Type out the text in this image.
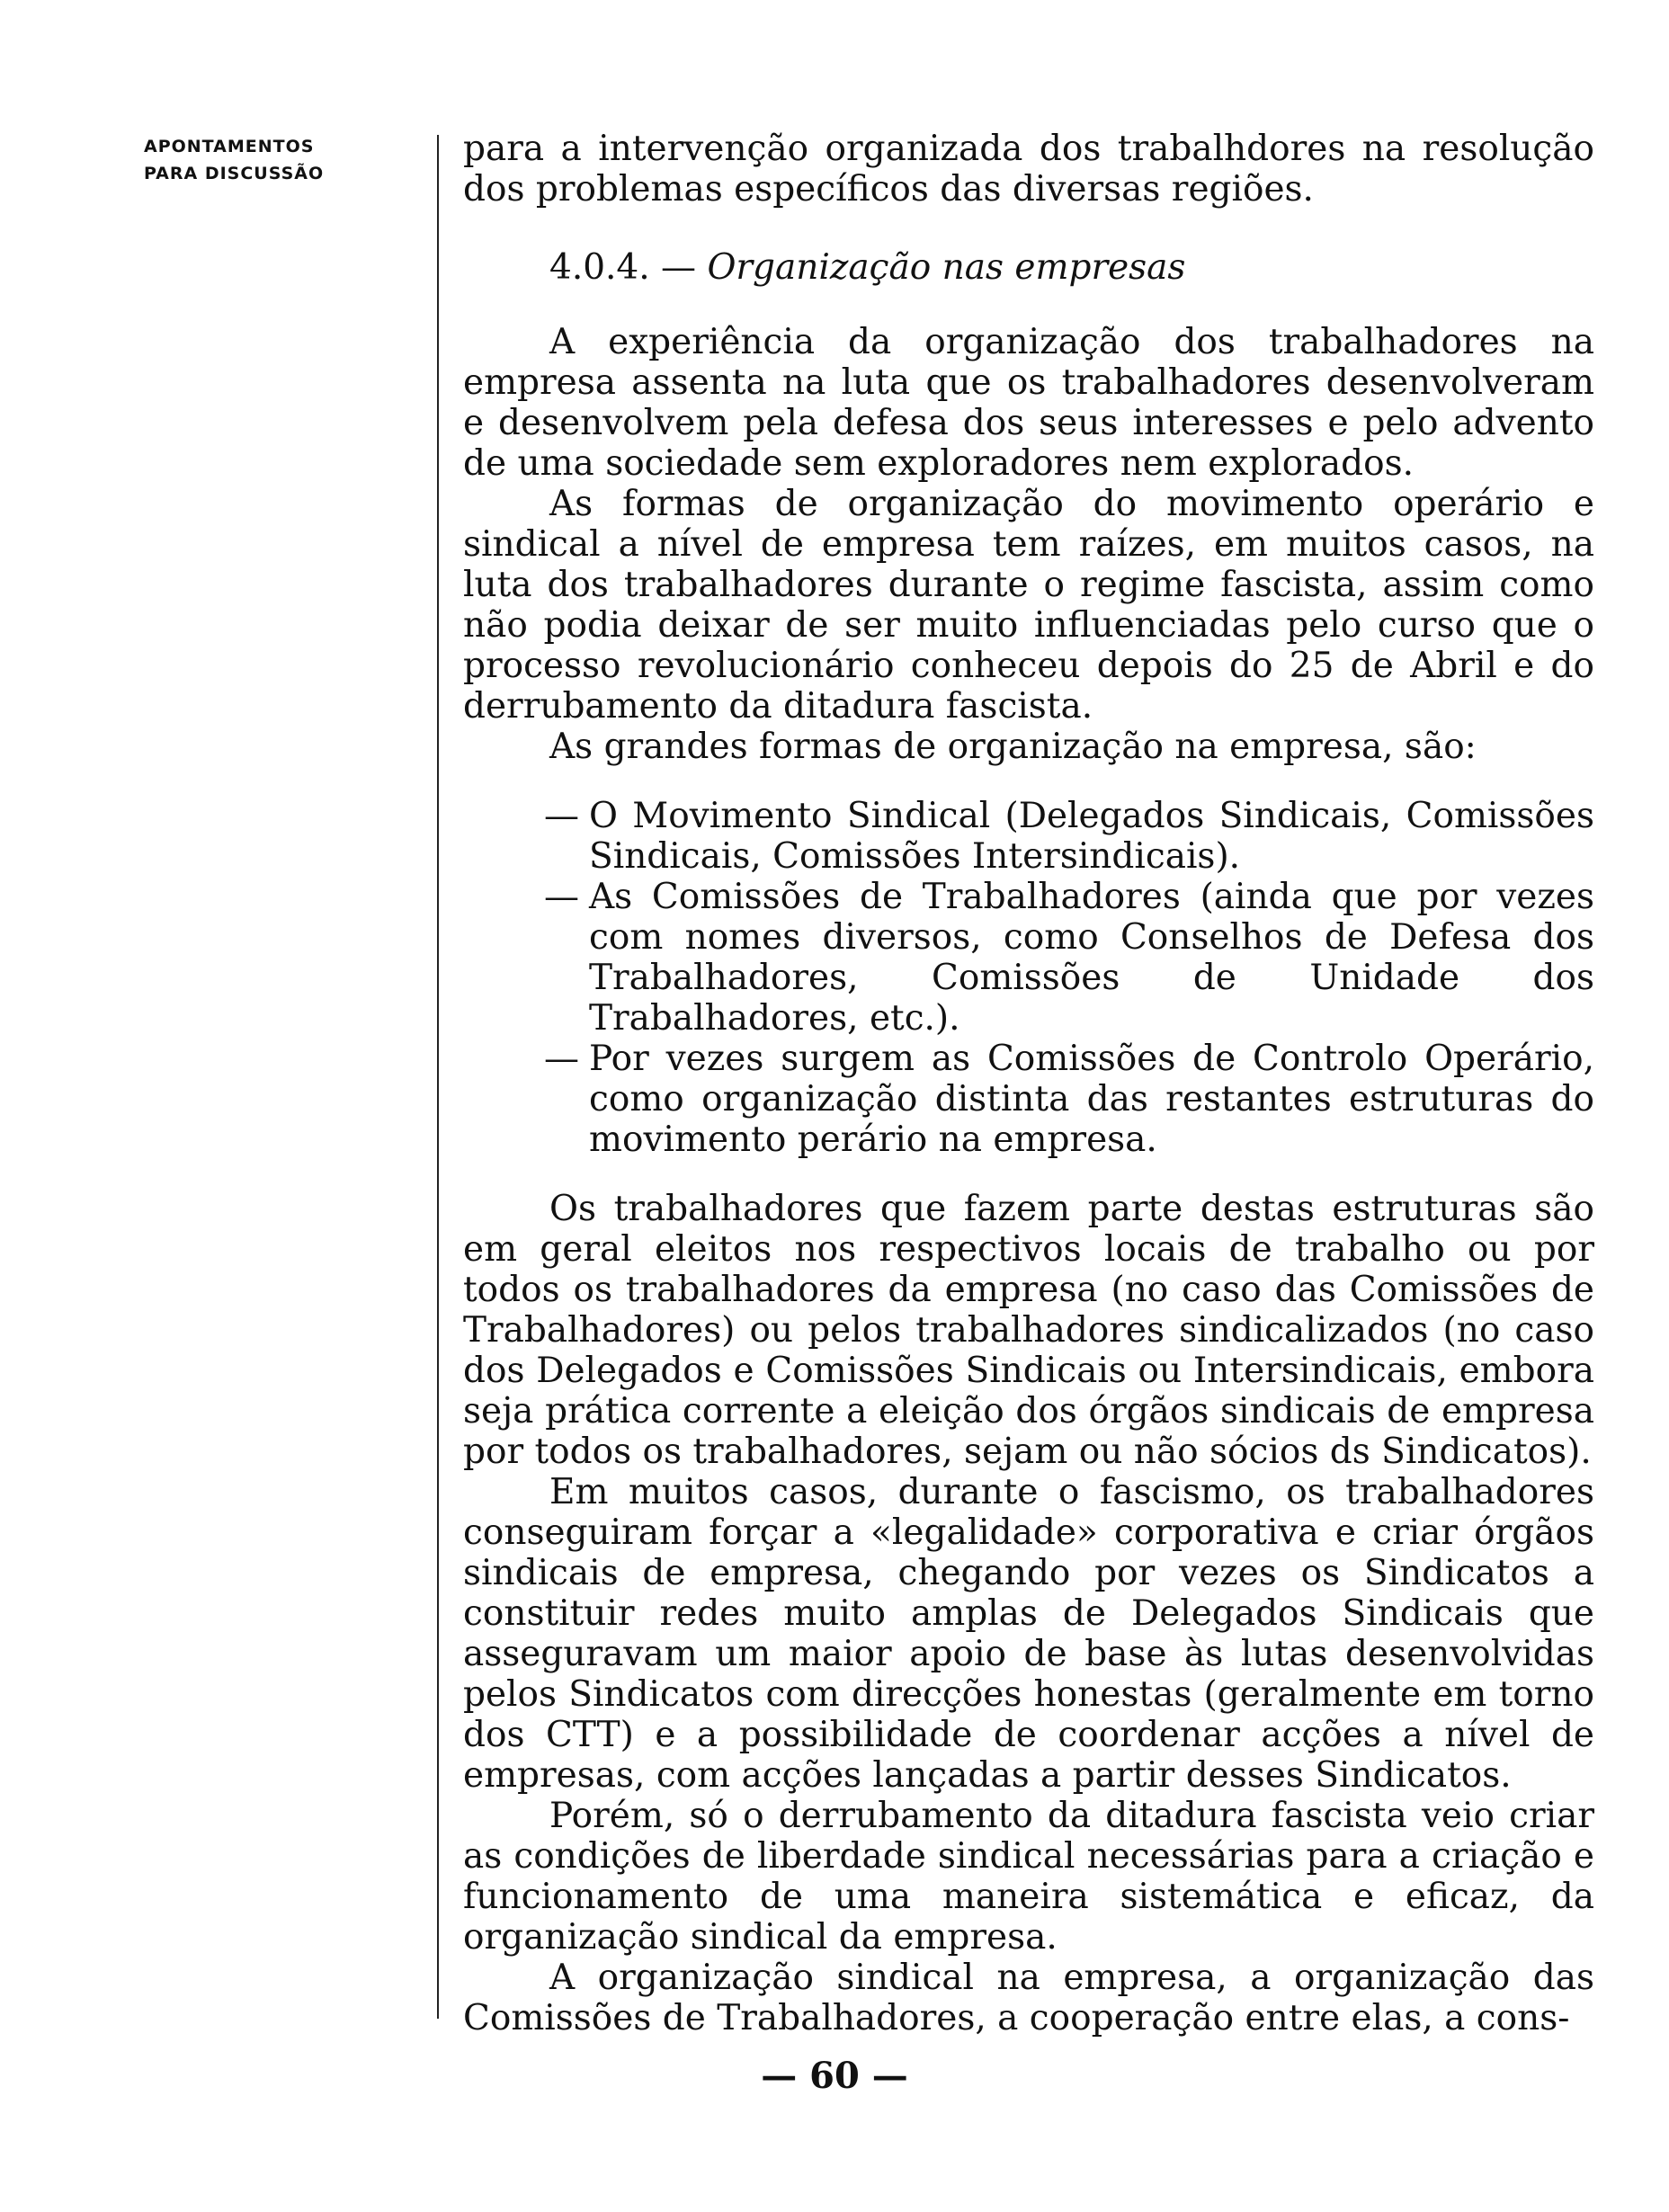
APONTAMENTOS
PARA DISCUSSÃO

para a intervenção organizada dos trabalhdores na resolução dos problemas específicos das diversas regiões.

4.0.4. — Organização nas empresas

A experiência da organização dos trabalhadores na empresa assenta na luta que os trabalhadores desenvolveram e desenvolvem pela defesa dos seus interesses e pelo advento de uma sociedade sem exploradores nem explorados.

As formas de organização do movimento operário e sindical a nível de empresa tem raízes, em muitos casos, na luta dos trabalhadores durante o regime fascista, assim como não podia deixar de ser muito influenciadas pelo curso que o processo revolucionário conheceu depois do 25 de Abril e do derrubamento da ditadura fascista.

As grandes formas de organização na empresa, são:

— O Movimento Sindical (Delegados Sindicais, Comissões Sindicais, Comissões Intersindicais).
— As Comissões de Trabalhadores (ainda que por vezes com nomes diversos, como Conselhos de Defesa dos Trabalhadores, Comissões de Unidade dos Trabalhadores, etc.).
— Por vezes surgem as Comissões de Controlo Operário, como organização distinta das restantes estruturas do movimento perário na empresa.

Os trabalhadores que fazem parte destas estruturas são em geral eleitos nos respectivos locais de trabalho ou por todos os trabalhadores da empresa (no caso das Comissões de Trabalhadores) ou pelos trabalhadores sindicalizados (no caso dos Delegados e Comissões Sindicais ou Intersindicais, embora seja prática corrente a eleição dos órgãos sindicais de empresa por todos os trabalhadores, sejam ou não sócios ds Sindicatos).

Em muitos casos, durante o fascismo, os trabalhadores conseguiram forçar a «legalidade» corporativa e criar órgãos sindicais de empresa, chegando por vezes os Sindicatos a constituir redes muito amplas de Delegados Sindicais que asseguravam um maior apoio de base às lutas desenvolvidas pelos Sindicatos com direcções honestas (geralmente em torno dos CTT) e a possibilidade de coordenar acções a nível de empresas, com acções lançadas a partir desses Sindicatos.

Porém, só o derrubamento da ditadura fascista veio criar as condições de liberdade sindical necessárias para a criação e funcionamento de uma maneira sistemática e eficaz, da organização sindical da empresa.

A organização sindical na empresa, a organização das Comissões de Trabalhadores, a cooperação entre elas, a cons-

— 60 —
